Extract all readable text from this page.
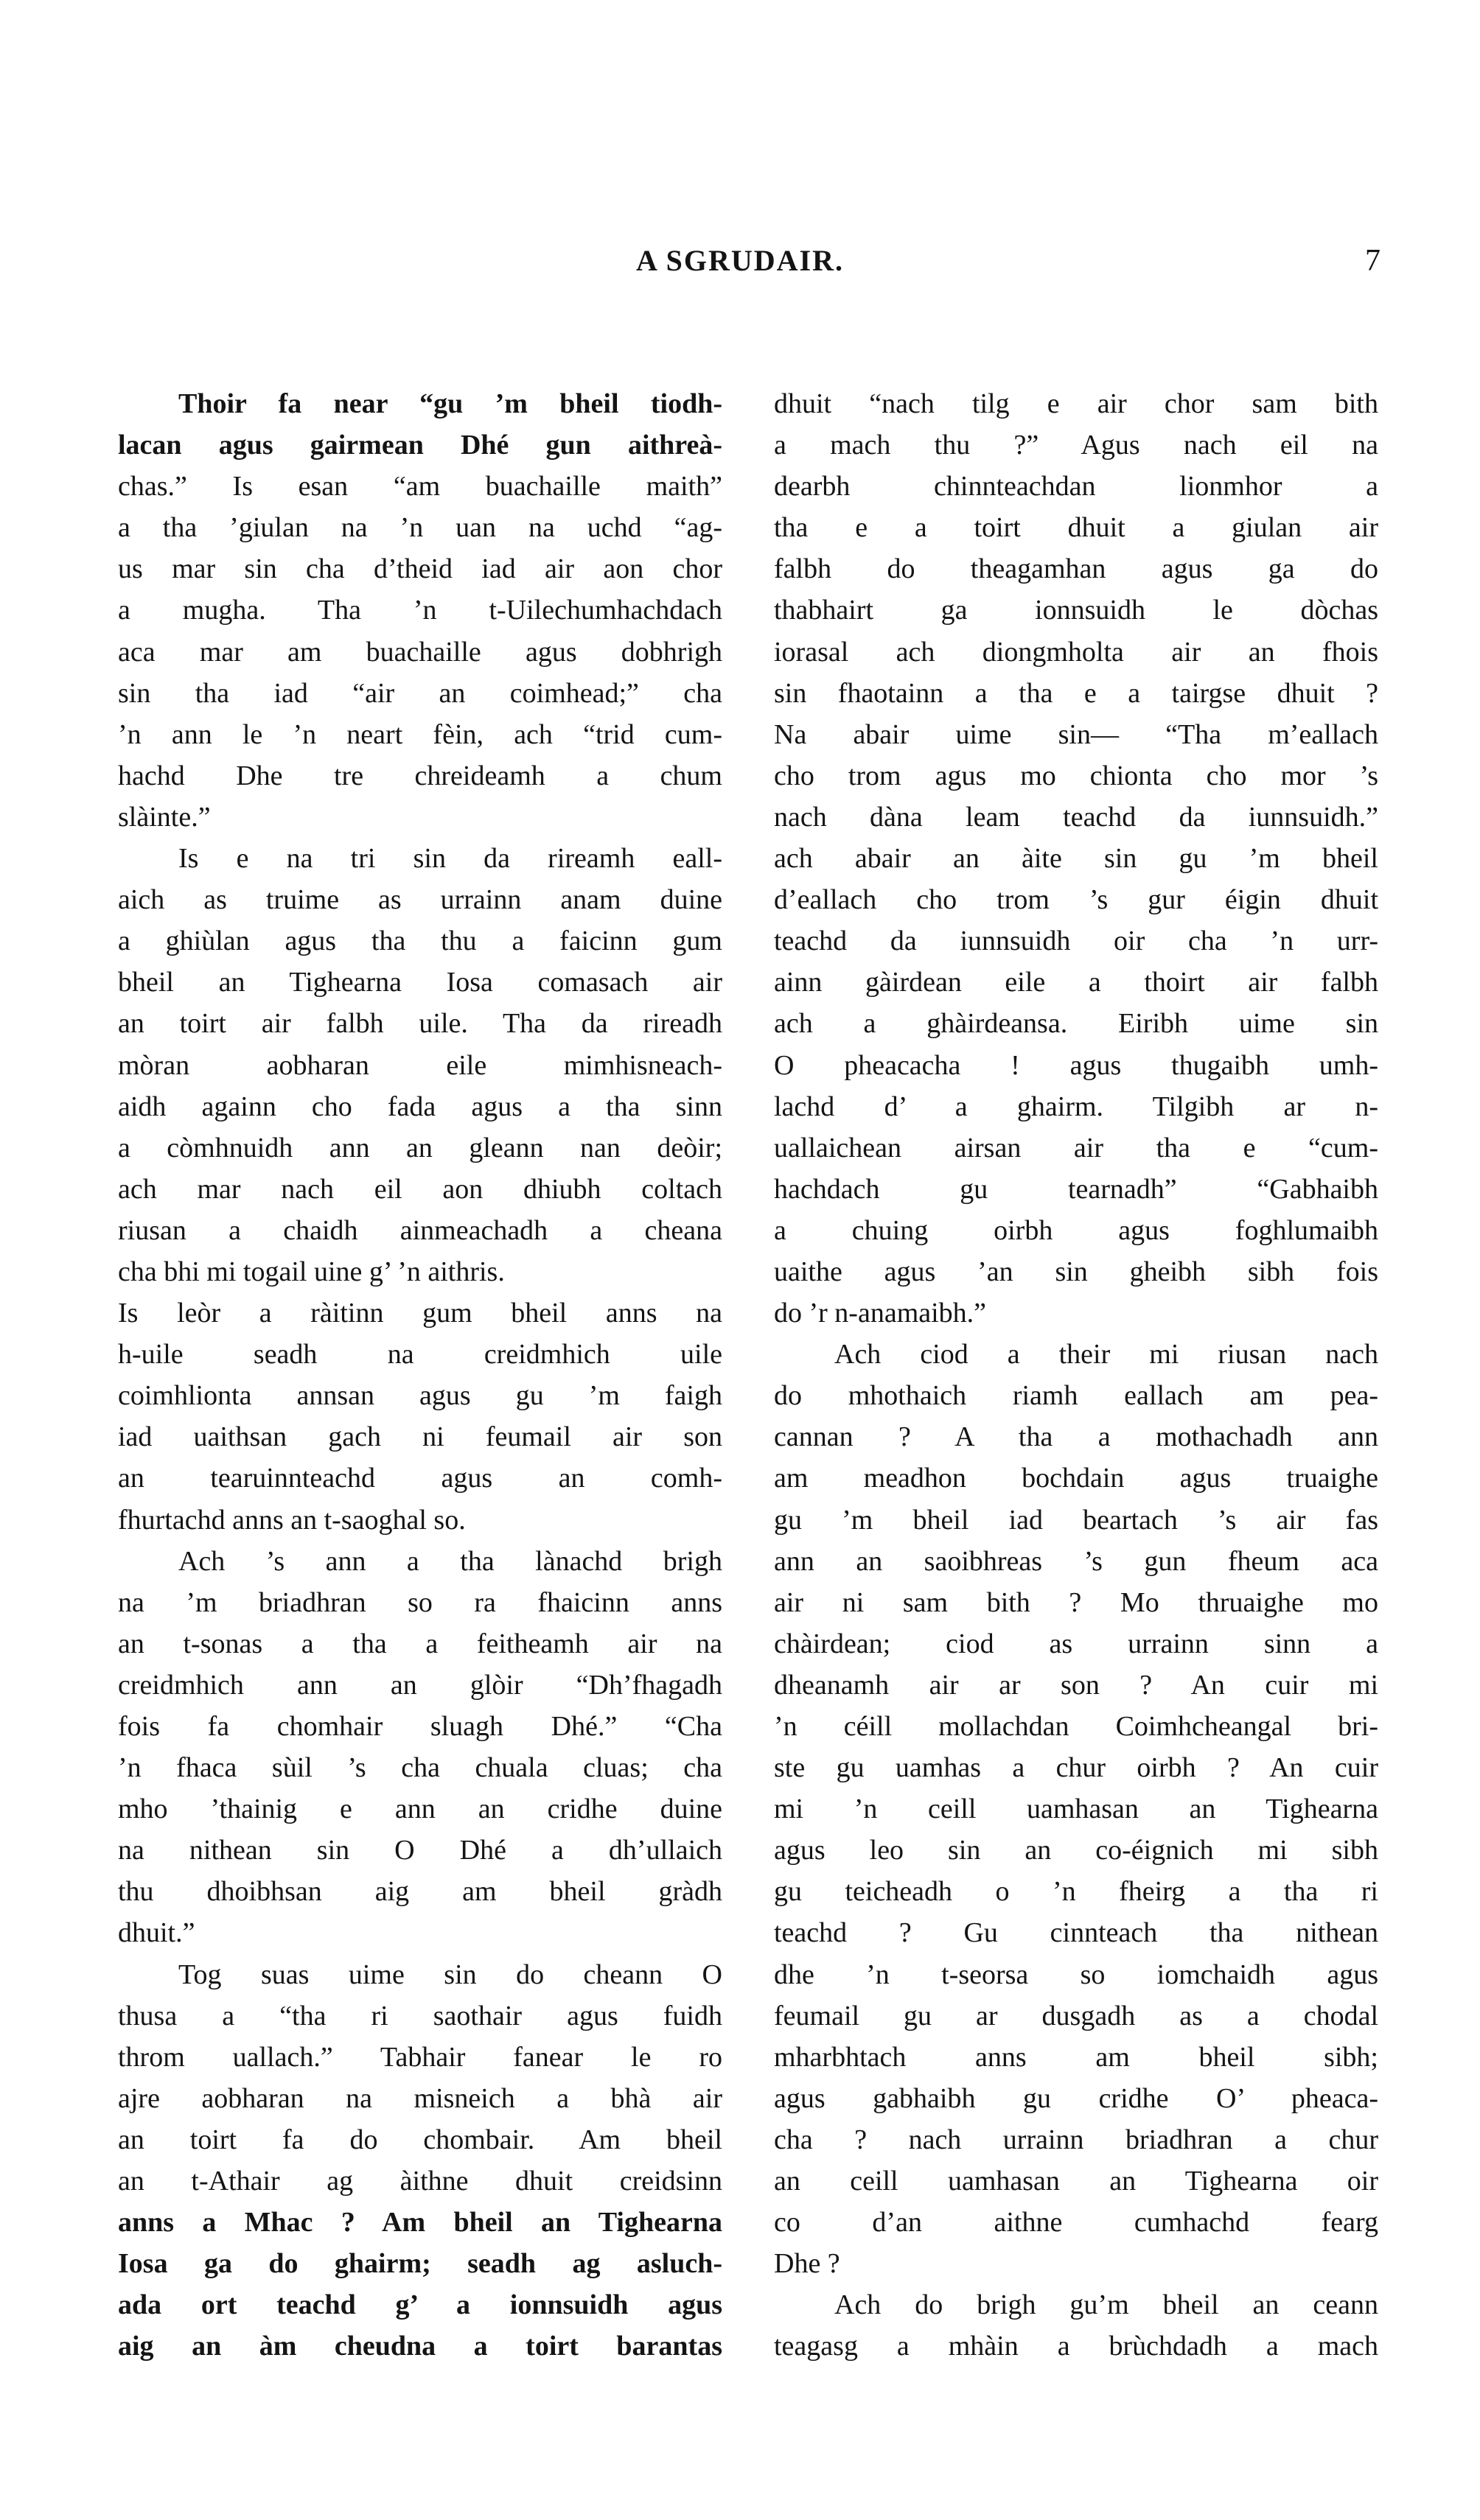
A SGRUDAIR.	7
Thoir fa near “gu ’m bheil tiodh-
lacan agus gairmean Dhé gun aithreà-
chas.” Is esan “am buachaille maith”
a tha ’giulan na ’n uan na uchd “ag-
us mar sin cha d’theid iad air aon chor
a mugha. Tha ’n t-Uilechumhachdach
aca mar am buachaille agus dobhrigh
sin tha iad “air an coimhead;” cha
’n ann le ’n neart fèin, ach “trid cum-
hachd Dhe tre chreideamh a chum
slàinte.”
Is e na tri sin da rireamh eall-
aich as truime as urrainn anam duine
a ghiùlan agus tha thu a faicinn gum
bheil an Tighearna Iosa comasach air
an toirt air falbh uile. Tha da rireadh
mòran aobharan eile mimhisneach-
aidh againn cho fada agus a tha sinn
a còmhnuidh ann an gleann nan deòir;
ach mar nach eil aon dhiubh coltach
riusan a chaidh ainmeachadh a cheana
cha bhi mi togail uine g’ ’n aithris.
Is leòr a ràitinn gum bheil anns na
h-uile seadh na creidmhich uile
coimhlionta annsan agus gu ’m faigh
iad uaithsan gach ni feumail air son
an tearuinnteachd agus an comh-
fhurtachd anns an t-saoghal so.
Ach ’s ann a tha lànachd brigh
na ’m briadhran so ra fhaicinn anns
an t-sonas a tha a feitheamh air na
creidmhich ann an glòir “Dh’fhagadh
fois fa chomhair sluagh Dhé.” “Cha
’n fhaca sùil ’s cha chuala cluas; cha
mho ’thainig e ann an cridhe duine
na nithean sin O Dhé a dh’ullaich
thu dhoibhsan aig am bheil gràdh
dhuit.”
Tog suas uime sin do cheann O
thusa a “tha ri saothair agus fuidh
throm uallach.” Tabhair fanear le ro
ajre aobharan na misneich a bhà air
an toirt fa do chombair. Am bheil
an t-Athair ag àithne dhuit creidsinn
anns a Mhac ? Am bheil an Tighearna
Iosa ga do ghairm; seadh ag asluch-
ada ort teachd g’ a ionnsuidh agus
aig an àm cheudna a toirt barantas
dhuit “nach tilg e air chor sam bith
a mach thu ?” Agus nach eil na
dearbh chinnteachdan lionmhor a
tha e a toirt dhuit a giulan air
falbh do theagamhan agus ga do
thabhairt ga ionnsuidh le dòchas
iorasal ach diongmholta air an fhois
sin fhaotainn a tha e a tairgse dhuit ?
Na abair uime sin— “Tha m’eallach
cho trom agus mo chionta cho mor ’s
nach dàna leam teachd da iunnsuidh.”
ach abair an àite sin gu ’m bheil
d’eallach cho trom ’s gur éigin dhuit
teachd da iunnsuidh oir cha ’n urr-
ainn gàirdean eile a thoirt air falbh
ach a ghàirdeansa. Eiribh uime sin
O pheacacha ! agus thugaibh umh-
lachd d’ a ghairm. Tilgibh ar n-
uallaichean airsan air tha e “cum-
hachdach gu tearnadh” “Gabhaibh
a chuing oirbh agus foghlumaibh
uaithe agus ’an sin gheibh sibh fois
do ’r n-anamaibh.”
Ach ciod a their mi riusan nach
do mhothaich riamh eallach am pea-
cannan ? A tha a mothachadh ann
am meadhon bochdain agus truaighe
gu ’m bheil iad beartach ’s air fas
ann an saoibhreas ’s gun fheum aca
air ni sam bith ? Mo thruaighe mo
chàirdean; ciod as urrainn sinn a
dheanamh air ar son ? An cuir mi
’n céill mollachdan Coimhcheangal bri-
ste gu uamhas a chur oirbh ? An cuir
mi ’n ceill uamhasan an Tighearna
agus leo sin an co-éignich mi sibh
gu teicheadh o ’n fheirg a tha ri
teachd ? Gu cinnteach tha nithean
dhe ’n t-seorsa so iomchaidh agus
feumail gu ar dusgadh as a chodal
mharbhtach anns am bheil sibh;
agus gabhaibh gu cridhe O’ pheaca-
cha ? nach urrainn briadhran a chur
an ceill uamhasan an Tighearna oir
co d’an aithne cumhachd fearg
Dhe ?
Ach do brigh gu’m bheil an ceann
teagasg a mhàin a brùchdadh a mach
